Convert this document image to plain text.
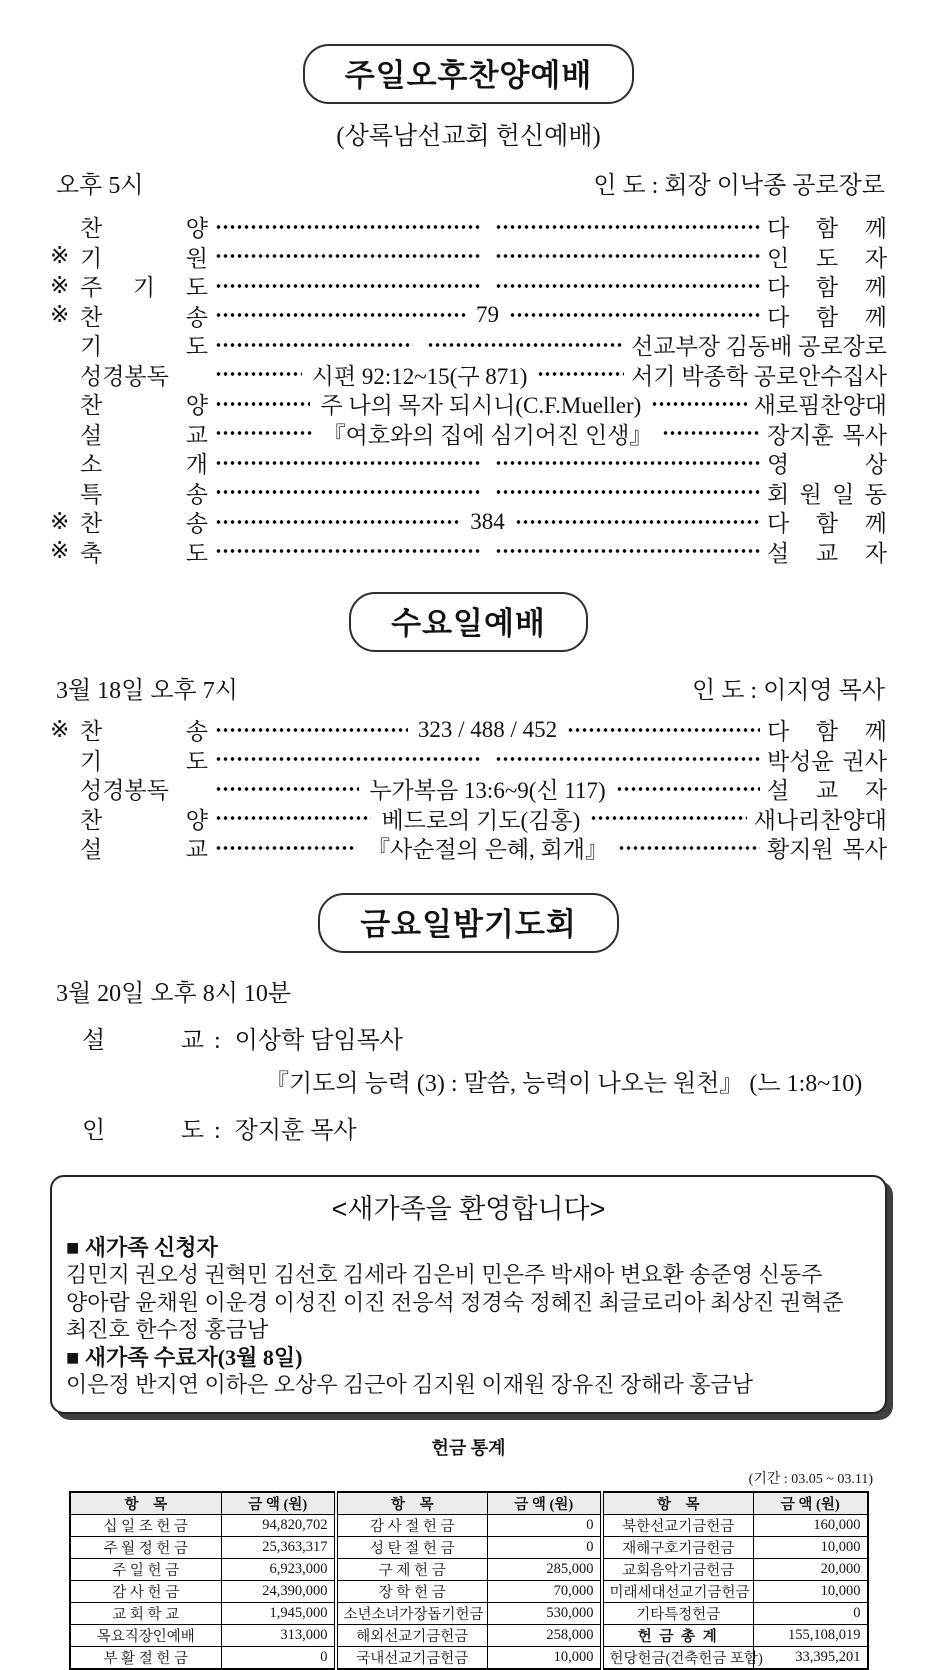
주일오후찬양예배
(상록남선교회 헌신예배)
오후 5시	인 도 : 회장 이낙종 공로장로
찬 양	다 함 께
※ 기 원	인 도 자
※ 주 기 도	다 함 께
※ 찬 송	79	다 함 께
기 도	선교부장 김동배 공로장로
성경봉독	시편 92:12~15(구 871)	서기 박종학 공로안수집사
찬 양	주 나의 목자 되시니(C.F.Mueller)	새로핌찬양대
설 교	『여호와의 집에 심기어진 인생』	장지훈 목사
소 개	영 상
특 송	회 원 일 동
※ 찬 송	384	다 함 께
※ 축 도	설 교 자
수요일예배
3월 18일 오후 7시	인 도 : 이지영 목사
※ 찬 송	323 / 488 / 452	다 함 께
기 도	박성윤 권사
성경봉독	누가복음 13:6~9(신 117)	설 교 자
찬 양	베드로의 기도(김홍)	새나리찬양대
설 교	『사순절의 은혜, 회개』	황지원 목사
금요일밤기도회
3월 20일 오후 8시 10분
설 교 : 이상학 담임목사
『기도의 능력 (3) : 말씀, 능력이 나오는 원천』 (느 1:8~10)
인 도 : 장지훈 목사
<새가족을 환영합니다>
■ 새가족 신청자
김민지 권오성 권혁민 김선호 김세라 김은비 민은주 박새아 변요환 송준영 신동주
양아람 윤채원 이운경 이성진 이진 전응석 정경숙 정혜진 최글로리아 최상진 권혁준
최진호 한수정 홍금남
■ 새가족 수료자(3월 8일)
이은정 반지연 이하은 오상우 김근아 김지원 이재원 장유진 장해라 홍금남
헌금 통계
(기간 : 03.05 ~ 03.11)
항    목	금 액 (원)	항    목	금 액 (원)	항    목	금 액 (원)
십 일 조 헌 금	94,820,702	감 사 절 헌 금	0	북한선교기금헌금	160,000
주 월 정 헌 금	25,363,317	성 탄 절 헌 금	0	재해구호기금헌금	10,000
주 일 헌 금	6,923,000	구 제 헌 금	285,000	교회음악기금헌금	20,000
감 사 헌 금	24,390,000	장 학 헌 금	70,000	미래세대선교기금헌금	10,000
교 회 학 교	1,945,000	소년소녀가장돕기헌금	530,000	기타특정헌금	0
목요직장인예배	313,000	해외선교기금헌금	258,000	헌 금 총 계	155,108,019
부 활 절 헌 금	0	국내선교기금헌금	10,000	헌당헌금(건축헌금 포함)	33,395,201
